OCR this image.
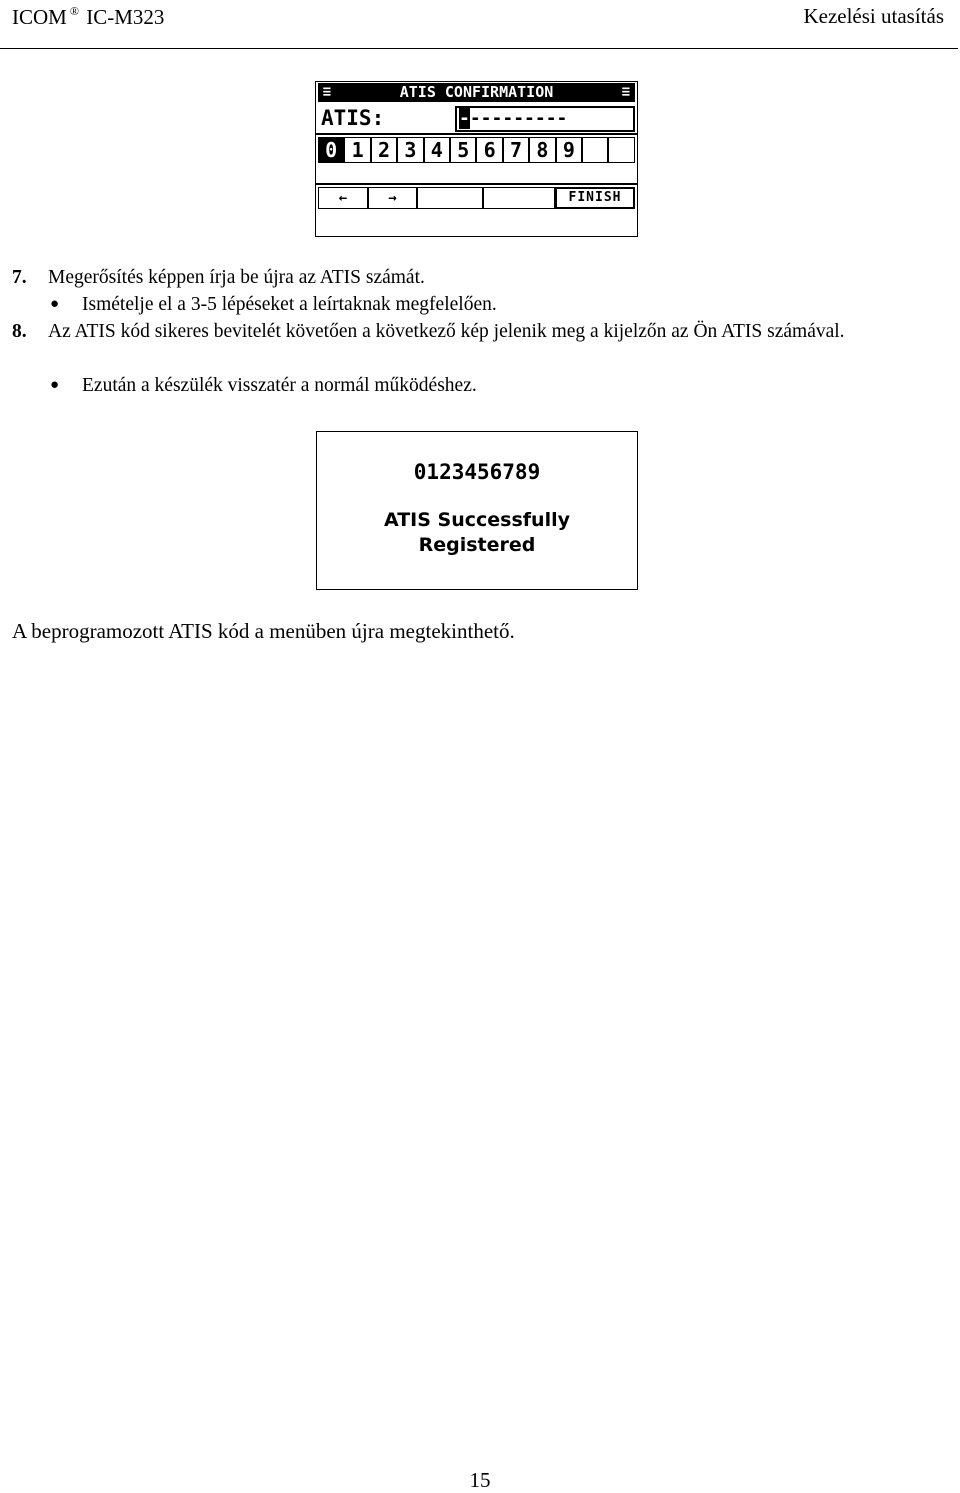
ICOM ® IC-M323	Kezelési utasítás
≡	ATIS CONFIRMATION	≡
ATIS:	----------
0 1 2 3 4 5 6 7 8 9
←	→	FINISH
7. Megerősítés képpen írja be újra az ATIS számát.
● Ismételje el a 3-5 lépéseket a leírtaknak megfelelően.
8. Az ATIS kód sikeres bevitelét követően a következő kép jelenik meg a kijelzőn az Ön ATIS számával.
● Ezután a készülék visszatér a normál működéshez.
0123456789
ATIS Successfully
Registered
A beprogramozott ATIS kód a menüben újra megtekinthető.
15
